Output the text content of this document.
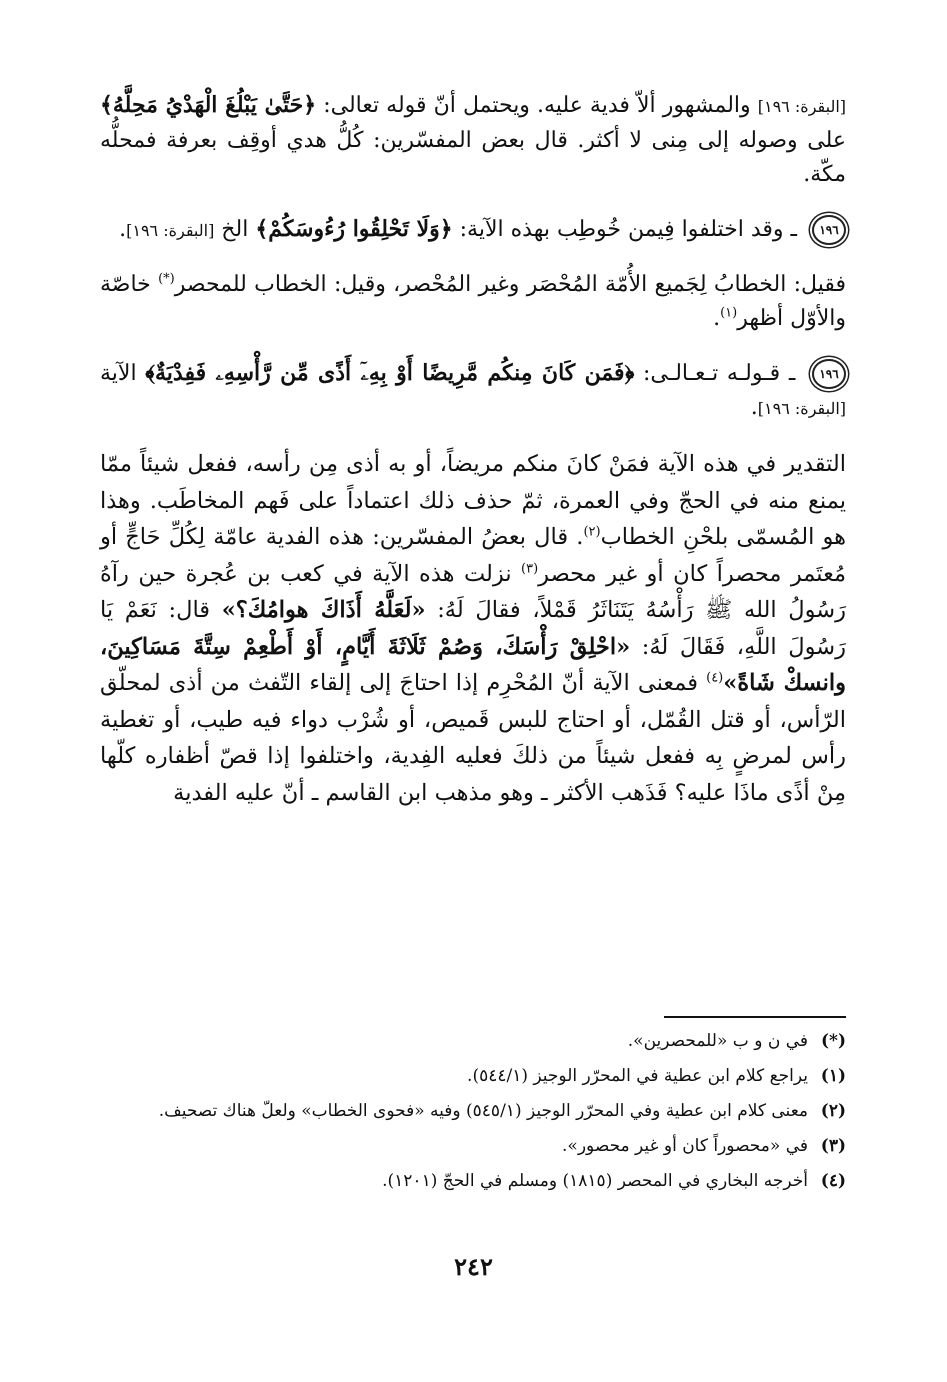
[البقرة: ١٩٦] والمشهور ألاّ فدية عليه. ويحتمل أنّ قوله تعالى: ﴿حَتَّىٰ يَبْلُغَ الْهَدْيُ مَحِلَّهُ﴾ على وصوله إلى مِنى لا أكثر. قال بعض المفسّرين: كُلُّ هدي أوقِف بعرفة فمحلُّه مكّة.

١٩٦ ـ وقد اختلفوا فِيمن خُوطِب بهذه الآية: ﴿وَلَا تَحْلِقُوا رُءُوسَكُمْ﴾ الخ [البقرة: ١٩٦].

فقيل: الخطابُ لِجَميع الأُمّة المُحْصَر وغير المُحْصر، وقيل: الخطاب للمحصر(*) خاصّة والأوّل أظهر$^{(١)}$.

١٩٦ ـ قـولـه تـعـالـى: ﴿فَمَن كَانَ مِنكُم مَّرِيضًا أَوْ بِهِۦٓ أَذًى مِّن رَّأْسِهِۦ فَفِدْيَةٌ﴾ الآية [البقرة: ١٩٦].

التقدير في هذه الآية فمَنْ كانَ منكم مريضاً، أو به أذى مِن رأسه، ففعل شيئاً ممّا يمنع منه في الحجّ وفي العمرة، ثمّ حذف ذلك اعتماداً على فَهم المخاطَب. وهذا هو المُسمّى بلحْنِ الخطاب$^{(٢)}$. قال بعضُ المفسّرين: هذه الفدية عامّة لِكُلِّ حَاجٍّ أو مُعتَمر محصراً كان أو غير محصر$^{(٣)}$ نزلت هذه الآية في كعب بن عُجرة حين رآهُ رَسُولُ الله ﷺ رَأْسُهُ يَتَنَاثَرُ قَمْلاً، فقالَ لَهُ: «لَعَلَّهُ أَذَاكَ هوامُكَ؟» قال: نَعَمْ يَا رَسُولَ اللَّهِ، فَقَالَ لَهُ: «احْلِقْ رَأْسَكَ، وَصُمْ ثَلَاثَةَ أَيَّامٍ، أَوْ أَطْعِمْ سِتَّةَ مَسَاكِينَ، وانسكْ شَاةً»$^{(٤)}$ فمعنى الآية أنّ المُحْرِم إذا احتاجَ إلى إلقاء التّفث من أذى لمحلّق الرّأس، أو قتل القُمّل، أو احتاج للبس قَميص، أو شُرْب دواء فيه طيب، أو تغطية رأس لمرضٍ بِه ففعل شيئاً من ذلكَ فعليه الفِدية، واختلفوا إذا قصّ أظفاره كلّها مِنْ أذًى ماذَا عليه؟ فَذَهب الأكثر ـ وهو مذهب ابن القاسم ـ أنّ عليه الفدية

(*)
في ن و ب «للمحصرين».
(١)
يراجع كلام ابن عطية في المحرّر الوجيز (٥٤٤/١).
(٢)
معنى كلام ابن عطية وفي المحرّر الوجيز (٥٤٥/١) وفيه «فحوى الخطاب» ولعلّ هناك تصحيف.
(٣)
في «محصوراً كان أو غير محصور».
(٤)
أخرجه البخاري في المحصر (١٨١٥) ومسلم في الحجّ (١٢٠١).
٢٤٢
